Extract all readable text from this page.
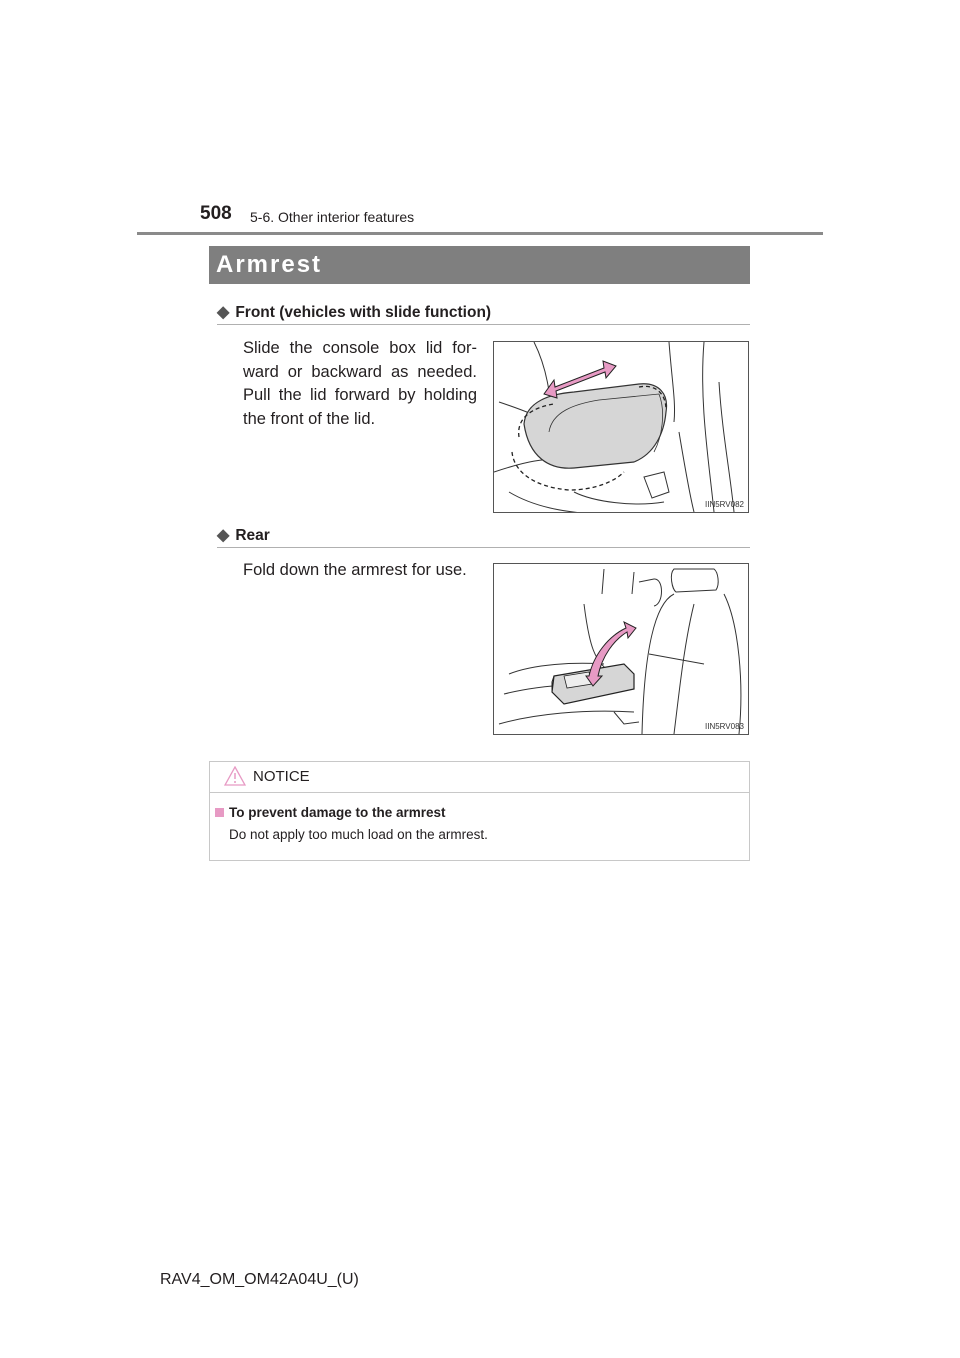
508 5-6. Other interior features
Armrest
◆ Front (vehicles with slide function)
Slide the console box lid for-ward or backward as needed. Pull the lid forward by holding the front of the lid.
IIN5RV082
◆ Rear
Fold down the armrest for use.
IIN5RV083
NOTICE
To prevent damage to the armrest
Do not apply too much load on the armrest.
RAV4_OM_OM42A04U_(U)
